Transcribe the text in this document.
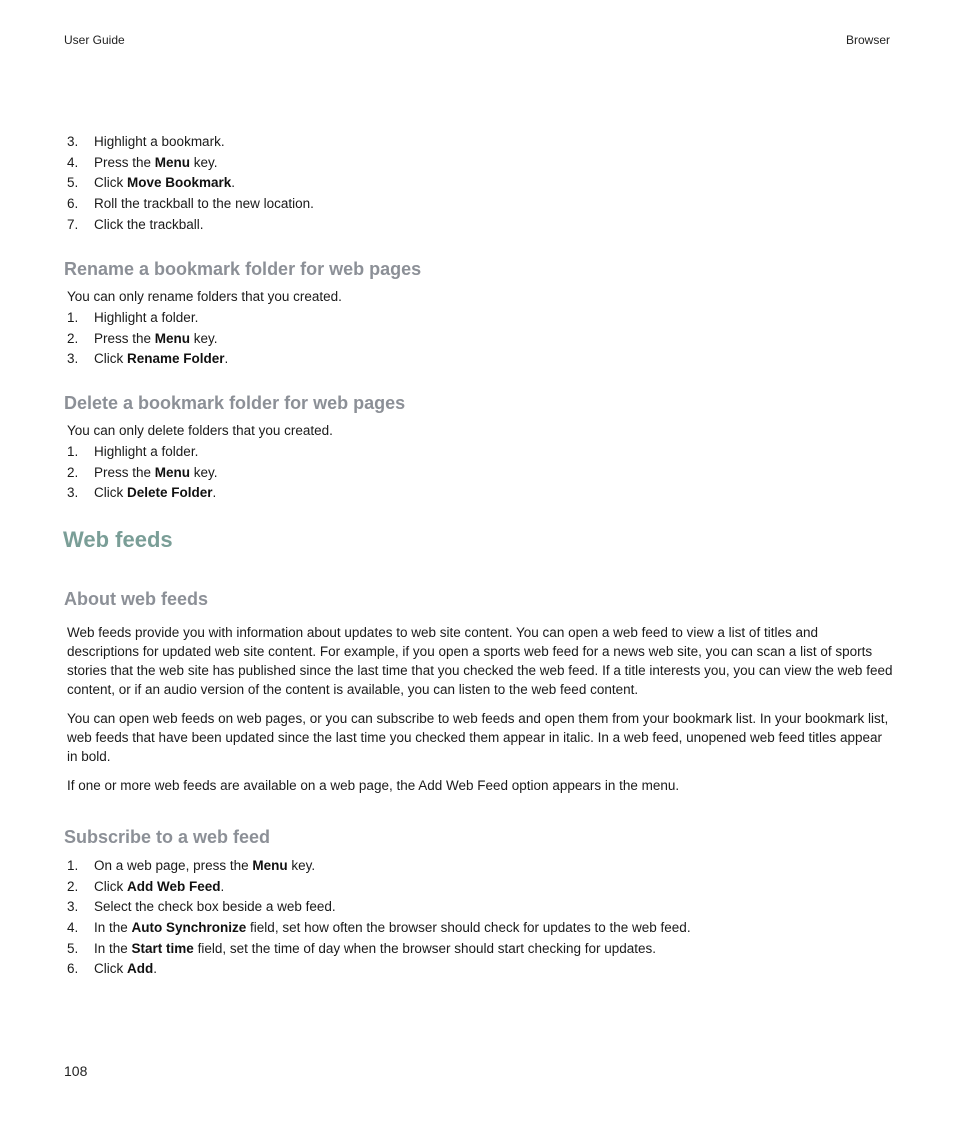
User Guide	Browser
3. Highlight a bookmark.
4. Press the Menu key.
5. Click Move Bookmark.
6. Roll the trackball to the new location.
7. Click the trackball.
Rename a bookmark folder for web pages

You can only rename folders that you created.

1. Highlight a folder.
2. Press the Menu key.
3. Click Rename Folder.
Delete a bookmark folder for web pages

You can only delete folders that you created.

1. Highlight a folder.
2. Press the Menu key.
3. Click Delete Folder.
Web feeds
About web feeds

Web feeds provide you with information about updates to web site content. You can open a web feed to view a list of titles and descriptions for updated web site content. For example, if you open a sports web feed for a news web site, you can scan a list of sports stories that the web site has published since the last time that you checked the web feed. If a title interests you, you can view the web feed content, or if an audio version of the content is available, you can listen to the web feed content.

You can open web feeds on web pages, or you can subscribe to web feeds and open them from your bookmark list. In your bookmark list, web feeds that have been updated since the last time you checked them appear in italic. In a web feed, unopened web feed titles appear in bold.

If one or more web feeds are available on a web page, the Add Web Feed option appears in the menu.

Subscribe to a web feed
1. On a web page, press the Menu key.
2. Click Add Web Feed.
3. Select the check box beside a web feed.
4. In the Auto Synchronize field, set how often the browser should check for updates to the web feed.
5. In the Start time field, set the time of day when the browser should start checking for updates.
6. Click Add.
108
